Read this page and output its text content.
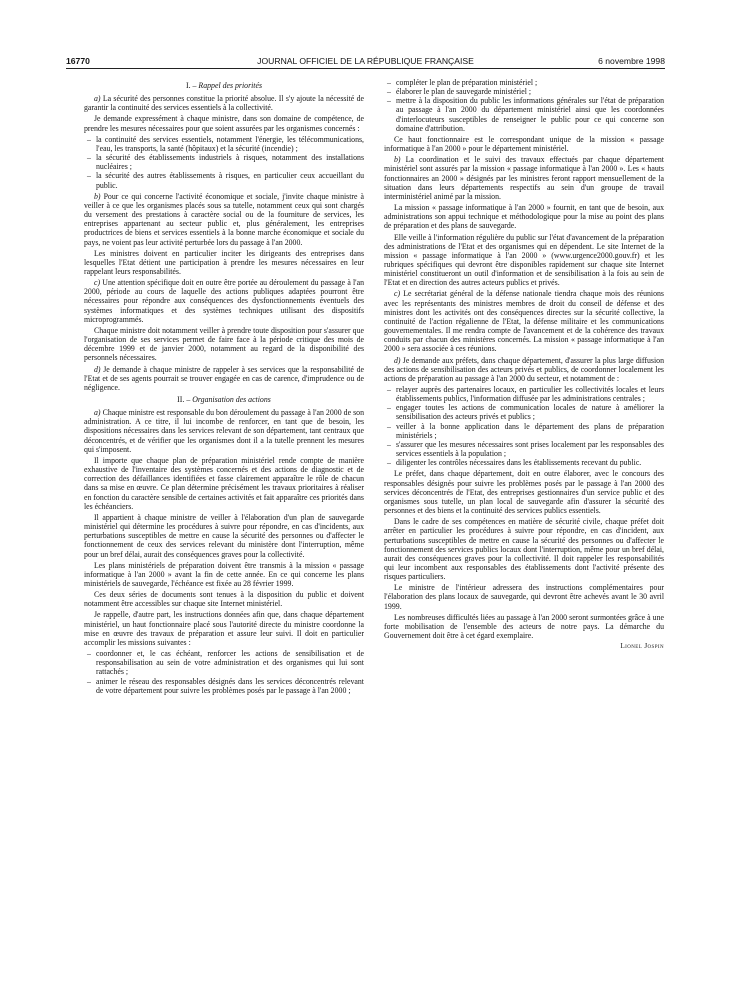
16770	JOURNAL OFFICIEL DE LA RÉPUBLIQUE FRANÇAISE	6 novembre 1998
I. – Rappel des priorités

a) La sécurité des personnes constitue la priorité absolue. Il s'y ajoute la nécessité de garantir la continuité des services essentiels à la collectivité.

Je demande expressément à chaque ministre, dans son domaine de compétence, de prendre les mesures nécessaires pour que soient assurées par les organismes concernés :

– la continuité des services essentiels, notamment l'énergie, les télécommunications, l'eau, les transports, la santé (hôpitaux) et la sécurité (incendie) ;
– la sécurité des établissements industriels à risques, notamment des installations nucléaires ;
– la sécurité des autres établissements à risques, en particulier ceux accueillant du public.

b) Pour ce qui concerne l'activité économique et sociale, j'invite chaque ministre à veiller à ce que les organismes placés sous sa tutelle, notamment ceux qui sont chargés du versement des prestations à caractère social ou de la fourniture de services, les entreprises appartenant au secteur public et, plus généralement, les entreprises productrices de biens et services essentiels à la bonne marche économique et sociale du pays, ne voient pas leur activité perturbée lors du passage à l'an 2000.

Les ministres doivent en particulier inciter les dirigeants des entreprises dans lesquelles l'Etat détient une participation à prendre les mesures nécessaires en leur rappelant leurs responsabilités.

c) Une attention spécifique doit en outre être portée au déroulement du passage à l'an 2000, période au cours de laquelle des actions publiques adaptées pourront être nécessaires pour répondre aux conséquences des dysfonctionnements éventuels des systèmes informatiques et des systèmes techniques utilisant des dispositifs microprogrammés.

Chaque ministre doit notamment veiller à prendre toute disposition pour s'assurer que l'organisation de ses services permet de faire face à la période critique des mois de décembre 1999 et de janvier 2000, notamment au regard de la disponibilité des personnels nécessaires.

d) Je demande à chaque ministre de rappeler à ses services que la responsabilité de l'Etat et de ses agents pourrait se trouver engagée en cas de carence, d'imprudence ou de négligence.

II. – Organisation des actions

a) Chaque ministre est responsable du bon déroulement du passage à l'an 2000 de son administration. A ce titre, il lui incombe de renforcer, en tant que de besoin, les dispositions nécessaires dans les services relevant de son département, tant centraux que déconcentrés, et de vérifier que les organismes dont il a la tutelle prennent les mesures qui s'imposent.

Il importe que chaque plan de préparation ministériel rende compte de manière exhaustive de l'inventaire des systèmes concernés et des actions de diagnostic et de correction des défaillances identifiées et fasse clairement apparaître le rôle de chacun dans sa mise en œuvre. Ce plan détermine précisément les travaux prioritaires à réaliser en fonction du caractère sensible de certaines activités et fait apparaître ces priorités dans les échéanciers.

Il appartient à chaque ministre de veiller à l'élaboration d'un plan de sauvegarde ministériel qui détermine les procédures à suivre pour répondre, en cas d'incidents, aux perturbations susceptibles de mettre en cause la sécurité des personnes ou d'affecter le fonctionnement de ceux des services relevant du ministère dont l'interruption, même pour un bref délai, aurait des conséquences graves pour la collectivité.

Les plans ministériels de préparation doivent être transmis à la mission « passage informatique à l'an 2000 » avant la fin de cette année. En ce qui concerne les plans ministériels de sauvegarde, l'échéance est fixée au 28 février 1999.

Ces deux séries de documents sont tenues à la disposition du public et doivent notamment être accessibles sur chaque site Internet ministériel.

Je rappelle, d'autre part, les instructions données afin que, dans chaque département ministériel, un haut fonctionnaire placé sous l'autorité directe du ministre coordonne la mise en œuvre des travaux de préparation et assure leur suivi. Il doit en particulier accomplir les missions suivantes :

– coordonner et, le cas échéant, renforcer les actions de sensibilisation et de responsabilisation au sein de votre administration et des organismes qui lui sont rattachés ;
– animer le réseau des responsables désignés dans les services déconcentrés relevant de votre département pour suivre les problèmes posés par le passage à l'an 2000 ;
– compléter le plan de préparation ministériel ;
– élaborer le plan de sauvegarde ministériel ;
– mettre à la disposition du public les informations générales sur l'état de préparation au passage à l'an 2000 du département ministériel ainsi que les coordonnées d'interlocuteurs susceptibles de renseigner le public pour ce qui concerne son domaine d'attribution.

Ce haut fonctionnaire est le correspondant unique de la mission « passage informatique à l'an 2000 » pour le département ministériel.

b) La coordination et le suivi des travaux effectués par chaque département ministériel sont assurés par la mission « passage informatique à l'an 2000 ». Les « hauts fonctionnaires an 2000 » désignés par les ministres feront rapport mensuellement de la situation dans leurs départements respectifs au sein d'un groupe de travail interministériel animé par la mission.

La mission « passage informatique à l'an 2000 » fournit, en tant que de besoin, aux administrations son appui technique et méthodologique pour la mise au point des plans de préparation et des plans de sauvegarde.

Elle veille à l'information régulière du public sur l'état d'avancement de la préparation des administrations de l'Etat et des organismes qui en dépendent. Le site Internet de la mission « passage informatique à l'an 2000 » (www.urgence2000.gouv.fr) et les rubriques spécifiques qui devront être disponibles rapidement sur chaque site Internet ministériel constitueront un outil d'information et de sensibilisation à la fois au sein de l'Etat et en direction des autres acteurs publics et privés.

c) Le secrétariat général de la défense nationale tiendra chaque mois des réunions avec les représentants des ministres membres de droit du conseil de défense et des ministres dont les activités ont des conséquences directes sur la sécurité collective, la continuité de l'action régalienne de l'Etat, la défense militaire et les communications gouvernementales. Il me rendra compte de l'avancement et de la cohérence des travaux conduits par chacun des ministères concernés. La mission « passage informatique à l'an 2000 » sera associée à ces réunions.

d) Je demande aux préfets, dans chaque département, d'assurer la plus large diffusion des actions de sensibilisation des acteurs privés et publics, de coordonner localement les actions de préparation au passage à l'an 2000 du secteur, et notamment de :

– relayer auprès des partenaires locaux, en particulier les collectivités locales et leurs établissements publics, l'information diffusée par les administrations centrales ;
– engager toutes les actions de communication locales de nature à améliorer la sensibilisation des acteurs privés et publics ;
– veiller à la bonne application dans le département des plans de préparation ministériels ;
– s'assurer que les mesures nécessaires sont prises localement par les responsables des services essentiels à la population ;
– diligenter les contrôles nécessaires dans les établissements recevant du public.

Le préfet, dans chaque département, doit en outre élaborer, avec le concours des responsables désignés pour suivre les problèmes posés par le passage à l'an 2000 des services déconcentrés de l'Etat, des entreprises gestionnaires d'un service public et des organismes sous tutelle, un plan local de sauvegarde afin d'assurer la sécurité des personnes et des biens et la continuité des services publics essentiels.

Dans le cadre de ses compétences en matière de sécurité civile, chaque préfet doit arrêter en particulier les procédures à suivre pour répondre, en cas d'incident, aux perturbations susceptibles de mettre en cause la sécurité des personnes ou d'affecter le fonctionnement des services publics locaux dont l'interruption, même pour un bref délai, aurait des conséquences graves pour la collectivité. Il doit rappeler les responsabilités qui leur incombent aux responsables des établissements dont l'activité présente des risques particuliers.

Le ministre de l'intérieur adressera des instructions complémentaires pour l'élaboration des plans locaux de sauvegarde, qui devront être achevés avant le 30 avril 1999.

Les nombreuses difficultés liées au passage à l'an 2000 seront surmontées grâce à une forte mobilisation de l'ensemble des acteurs de notre pays. La démarche du Gouvernement doit être à cet égard exemplaire.

Lionel Jospin
